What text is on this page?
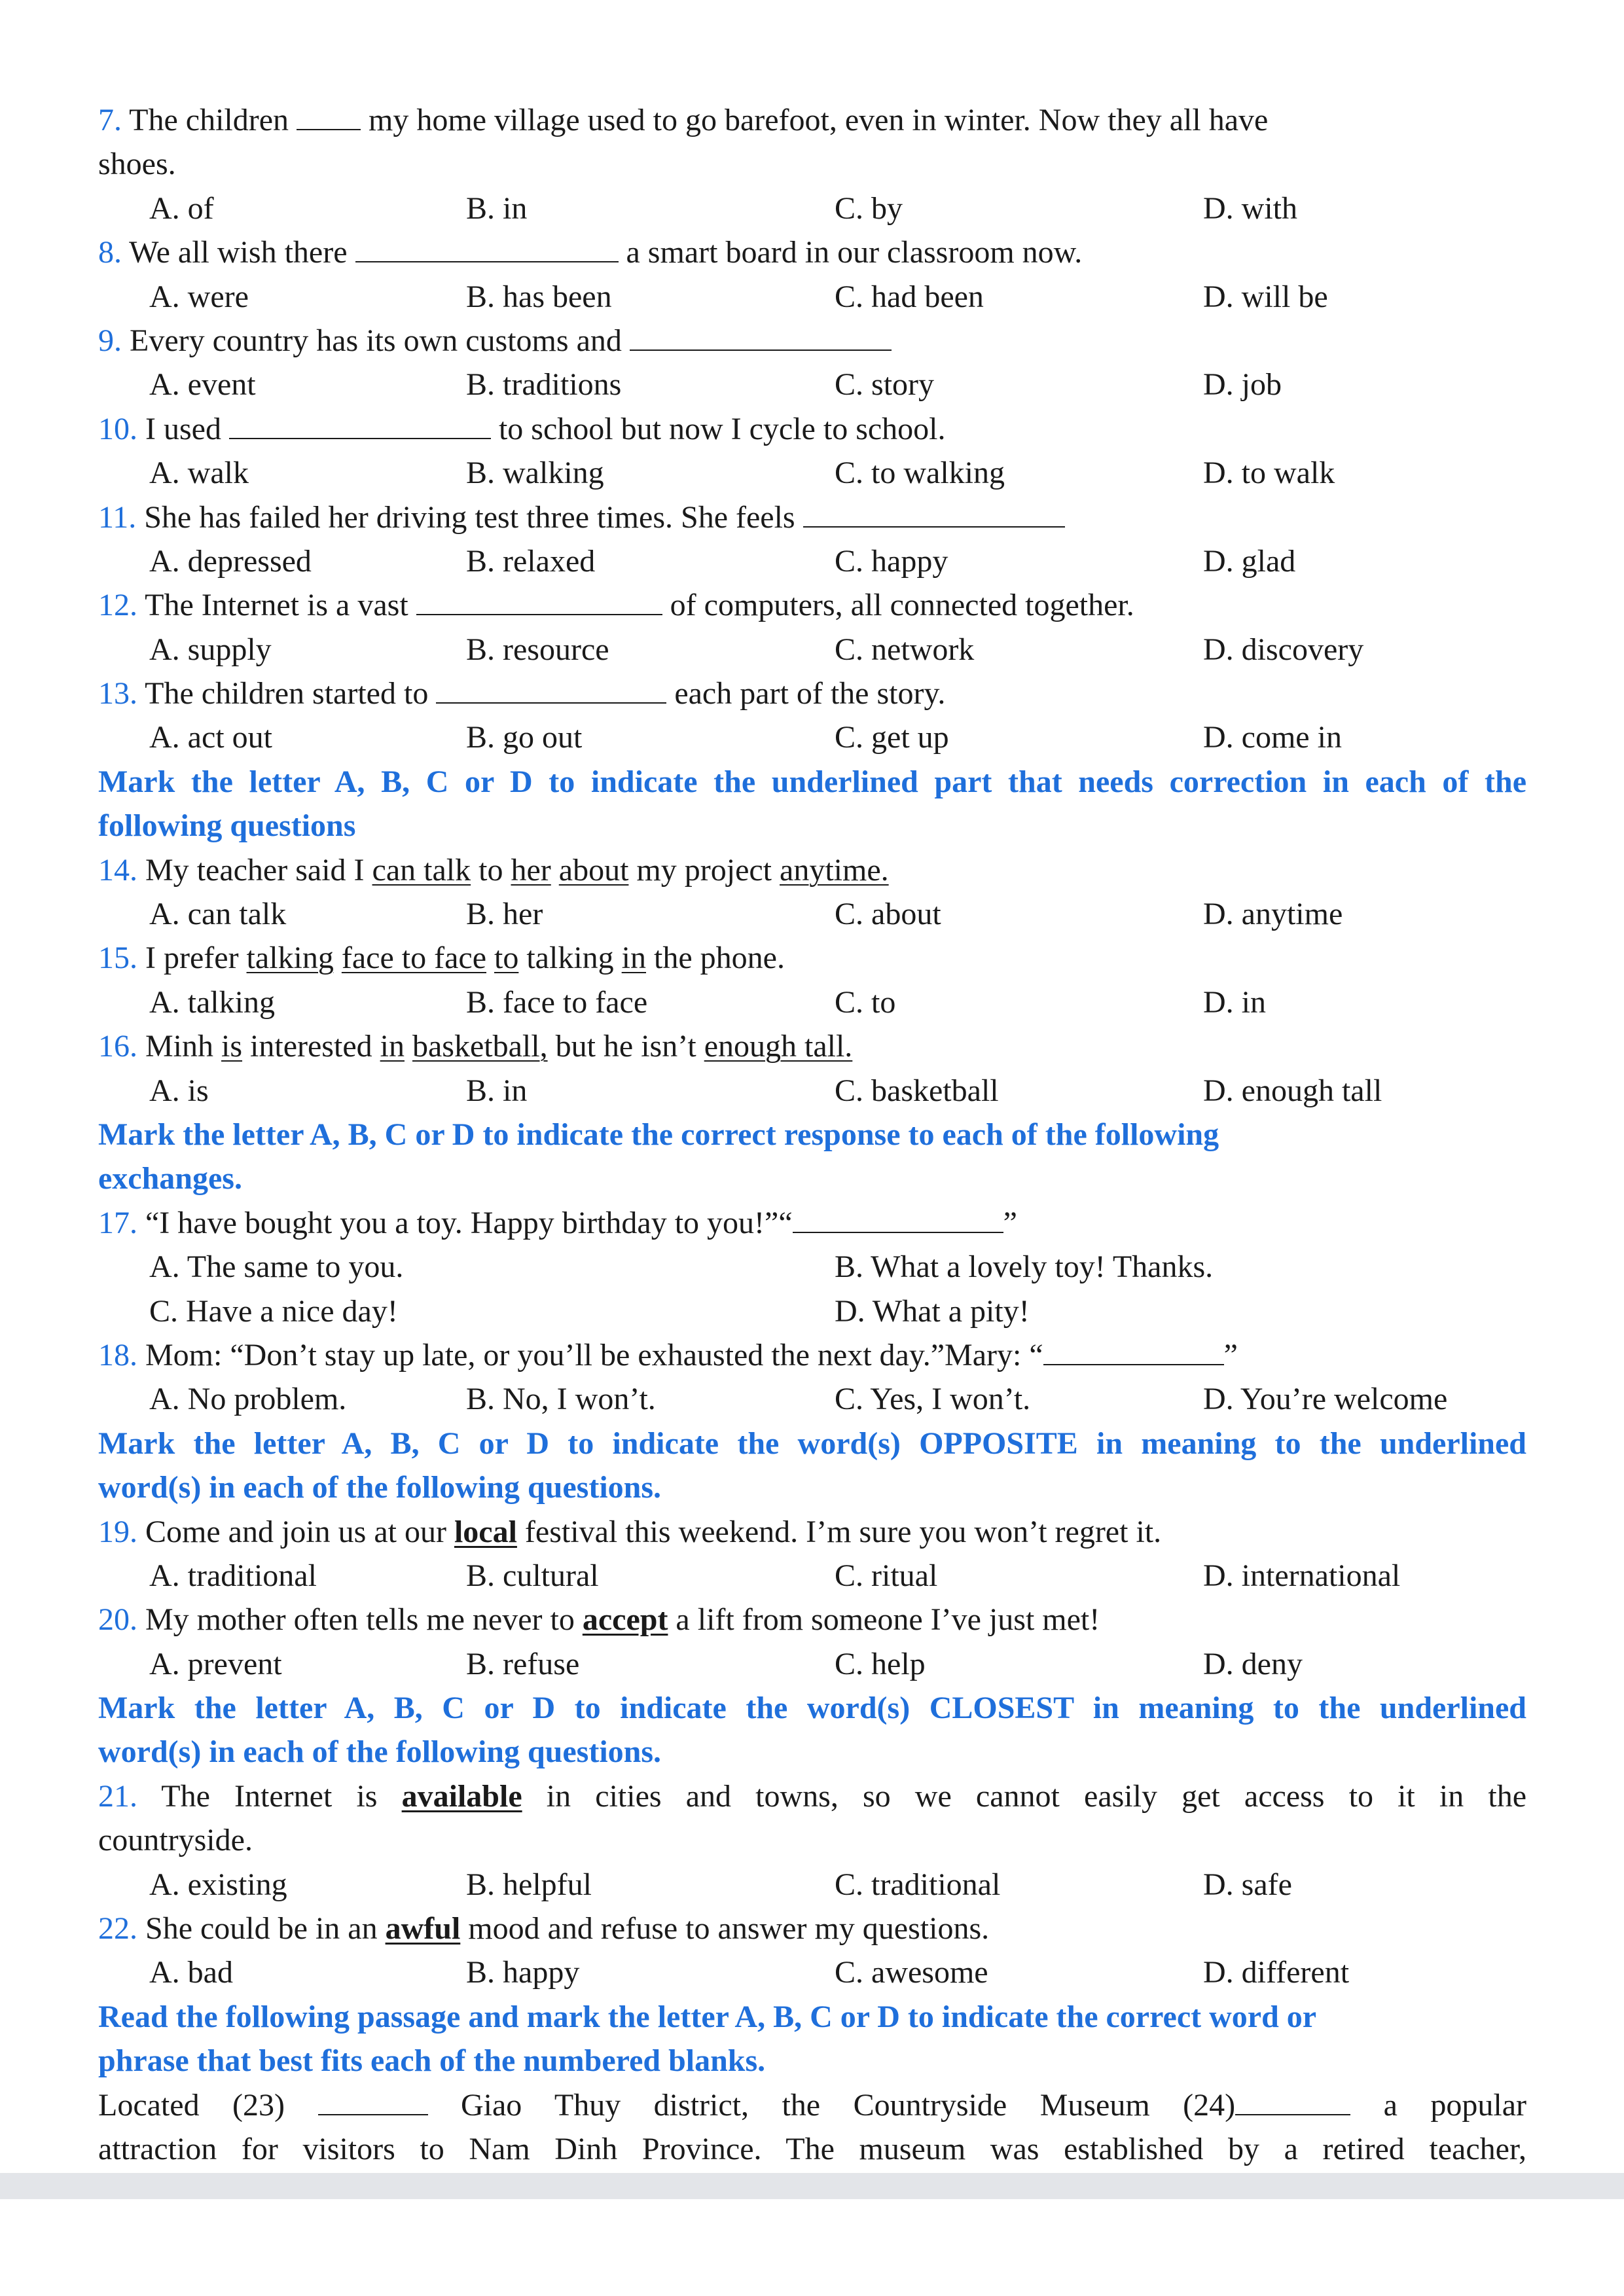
7. The children	my home village used to go barefoot, even in winter. Now they all have
shoes.
A. of	B. in	C. by	D. with
8. We all wish there	a smart board in our classroom now.
A. were	B. has been	C. had been	D. will be
9. Every country has its own customs and
A. event	B. traditions	C. story	D. job
10. I used	to school but now I cycle to school.
A. walk	B. walking	C. to walking	D. to walk
11. She has failed her driving test three times. She feels
A. depressed	B. relaxed	C. happy	D. glad
12. The Internet is a vast	of computers, all connected together.
A. supply	B. resource	C. network	D. discovery
13. The children started to	each part of the story.
A. act out	B. go out	C. get up	D. come in
Mark the letter A, B, C or D to indicate the underlined part that needs correction in each of the
following questions
14. My teacher said I can talk to her about my project anytime.
A. can talk	B. her	C. about	D. anytime
15. I prefer talking face to face to talking in the phone.
A. talking	B. face to face	C. to	D. in
16. Minh is interested in basketball, but he isn’t enough tall.
A. is	B. in	C. basketball	D. enough tall
Mark the letter A, B, C or D to indicate the correct response to each of the following
exchanges.
17. “I have bought you a toy. Happy birthday to you!”“	”
A. The same to you.	B. What a lovely toy! Thanks.
C. Have a nice day!	D. What a pity!
18. Mom: “Don’t stay up late, or you’ll be exhausted the next day.”Mary: “	”
A. No problem.	B. No, I won’t.	C. Yes, I won’t.	D. You’re welcome
Mark the letter A, B, C or D to indicate the word(s) OPPOSITE in meaning to the underlined
word(s) in each of the following questions.
19. Come and join us at our local festival this weekend. I’m sure you won’t regret it.
A. traditional	B. cultural	C. ritual	D. international
20. My mother often tells me never to accept a lift from someone I’ve just met!
A. prevent	B. refuse	C. help	D. deny
Mark the letter A, B, C or D to indicate the word(s) CLOSEST in meaning to the underlined
word(s) in each of the following questions.
21. The Internet is available in cities and towns, so we cannot easily get access to it in the
countryside.
A. existing	B. helpful	C. traditional	D. safe
22. She could be in an awful mood and refuse to answer my questions.
A. bad	B. happy	C. awesome	D. different
Read the following passage and mark the letter A, B, C or D to indicate the correct word or
phrase that best fits each of the numbered blanks.
Located (23)	Giao Thuy district, the Countryside Museum (24)	a popular
attraction for visitors to Nam Dinh Province. The museum was established by a retired teacher,
